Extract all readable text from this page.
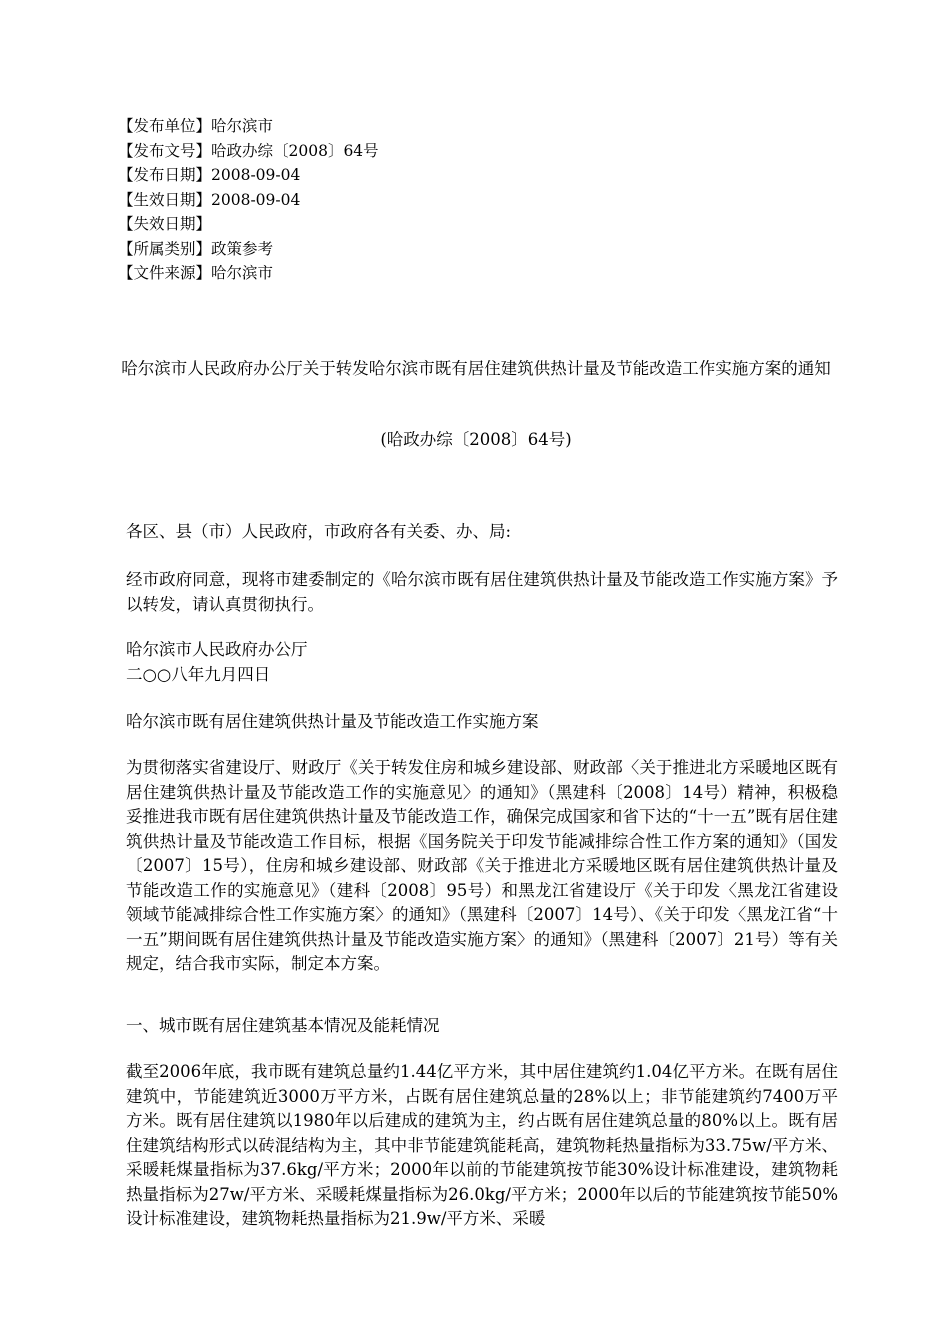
【发布单位】哈尔滨市
【发布文号】哈政办综〔2008〕64号
【发布日期】2008-09-04
【生效日期】2008-09-04
【失效日期】
【所属类别】政策参考
【文件来源】哈尔滨市
哈尔滨市人民政府办公厅关于转发哈尔滨市既有居住建筑供热计量及节能改造工作实施方案的通知
(哈政办综〔2008〕64号)

各区、县（市）人民政府，市政府各有关委、办、局:

经市政府同意，现将市建委制定的《哈尔滨市既有居住建筑供热计量及节能改造工作实施方案》予以转发，请认真贯彻执行。

哈尔滨市人民政府办公厅

二○○八年九月四日

哈尔滨市既有居住建筑供热计量及节能改造工作实施方案

为贯彻落实省建设厅、财政厅《关于转发住房和城乡建设部、财政部〈关于推进北方采暖地区既有居住建筑供热计量及节能改造工作的实施意见〉的通知》（黑建科〔2008〕14号）精神，积极稳妥推进我市既有居住建筑供热计量及节能改造工作，确保完成国家和省下达的“十一五”既有居住建筑供热计量及节能改造工作目标，根据《国务院关于印发节能减排综合性工作方案的通知》（国发〔2007〕15号），住房和城乡建设部、财政部《关于推进北方采暖地区既有居住建筑供热计量及节能改造工作的实施意见》（建科〔2008〕95号）和黑龙江省建设厅《关于印发〈黑龙江省建设领域节能减排综合性工作实施方案〉的通知》（黑建科〔2007〕14号）、《关于印发〈黑龙江省“十一五”期间既有居住建筑供热计量及节能改造实施方案〉的通知》（黑建科〔2007〕21号）等有关规定，结合我市实际，制定本方案。

一、城市既有居住建筑基本情况及能耗情况

截至2006年底，我市既有建筑总量约1.44亿平方米，其中居住建筑约1.04亿平方米。在既有居住建筑中，节能建筑近3000万平方米，占既有居住建筑总量的28%以上；非节能建筑约7400万平方米。既有居住建筑以1980年以后建成的建筑为主，约占既有居住建筑总量的80%以上。既有居住建筑结构形式以砖混结构为主，其中非节能建筑能耗高，建筑物耗热量指标为33.75w/平方米、采暖耗煤量指标为37.6kg/平方米；2000年以前的节能建筑按节能30%设计标准建设，建筑物耗热量指标为27w/平方米、采暖耗煤量指标为26.0kg/平方米；2000年以后的节能建筑按节能50%设计标准建设，建筑物耗热量指标为21.9w/平方米、采暖
